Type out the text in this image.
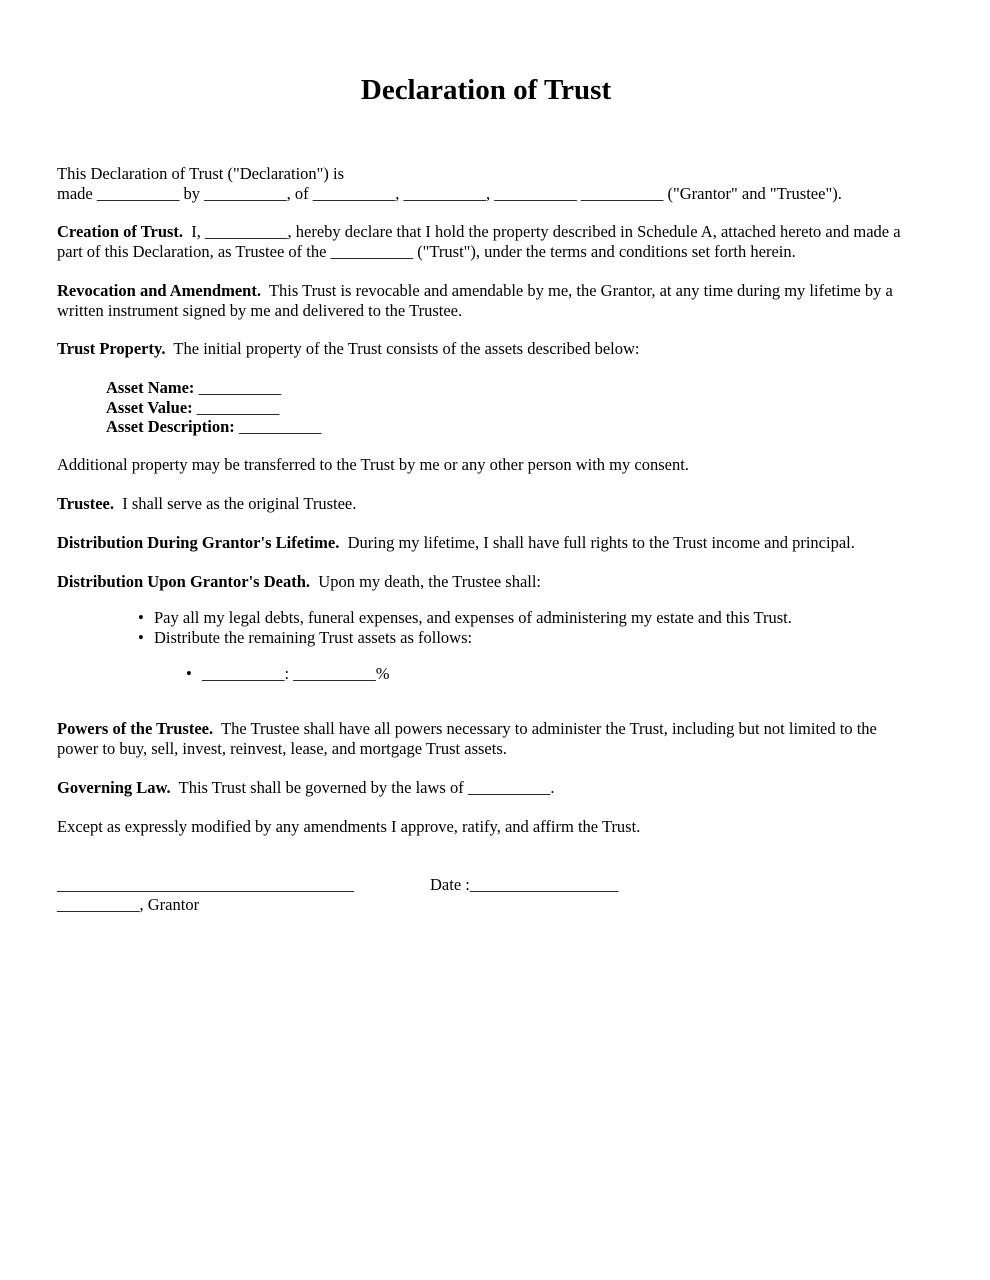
Declaration of Trust

This Declaration of Trust ("Declaration") is
made __________ by __________, of __________, __________, __________ __________ ("Grantor" and "Trustee").

Creation of Trust. I, __________, hereby declare that I hold the property described in Schedule A, attached hereto and made a part of this Declaration, as Trustee of the __________ ("Trust"), under the terms and conditions set forth herein.

Revocation and Amendment. This Trust is revocable and amendable by me, the Grantor, at any time during my lifetime by a written instrument signed by me and delivered to the Trustee.

Trust Property. The initial property of the Trust consists of the assets described below:

Asset Name: __________
Asset Value: __________
Asset Description: __________

Additional property may be transferred to the Trust by me or any other person with my consent.

Trustee. I shall serve as the original Trustee.

Distribution During Grantor's Lifetime. During my lifetime, I shall have full rights to the Trust income and principal.

Distribution Upon Grantor's Death. Upon my death, the Trustee shall:

• Pay all my legal debts, funeral expenses, and expenses of administering my estate and this Trust.
• Distribute the remaining Trust assets as follows:
• __________: __________%

Powers of the Trustee. The Trustee shall have all powers necessary to administer the Trust, including but not limited to the power to buy, sell, invest, reinvest, lease, and mortgage Trust assets.

Governing Law. This Trust shall be governed by the laws of __________.

Except as expressly modified by any amendments I approve, ratify, and affirm the Trust.

____________________________________	Date :__________________
__________, Grantor
